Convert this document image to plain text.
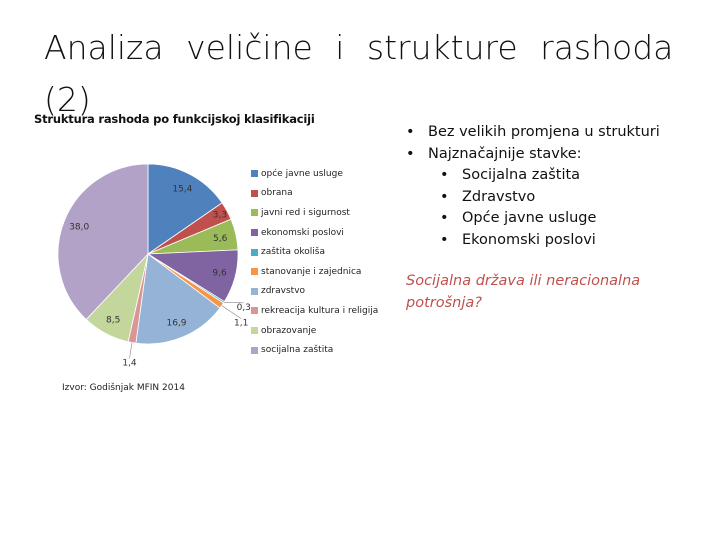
Analiza veličine i strukture rashoda (2)
Struktura rashoda po funkcijskoj klasifikaciji
15,4
3,3
5,6
9,6
0,3
1,1
16,9
1,4
8,5
38,0
opće javne usluge
obrana
javni red i sigurnost
ekonomski poslovi
zaštita okoliša
stanovanje i zajednica
zdravstvo
rekreacija kultura i religija
obrazovanje
socijalna zaštita
Izvor: Godišnjak MFIN 2014
• Bez velikih promjena u strukturi
• Najznačajnije stavke:
• Socijalna zaštita
• Zdravstvo
• Opće javne usluge
• Ekonomski poslovi
Socijalna država ili neracionalna potrošnja?
